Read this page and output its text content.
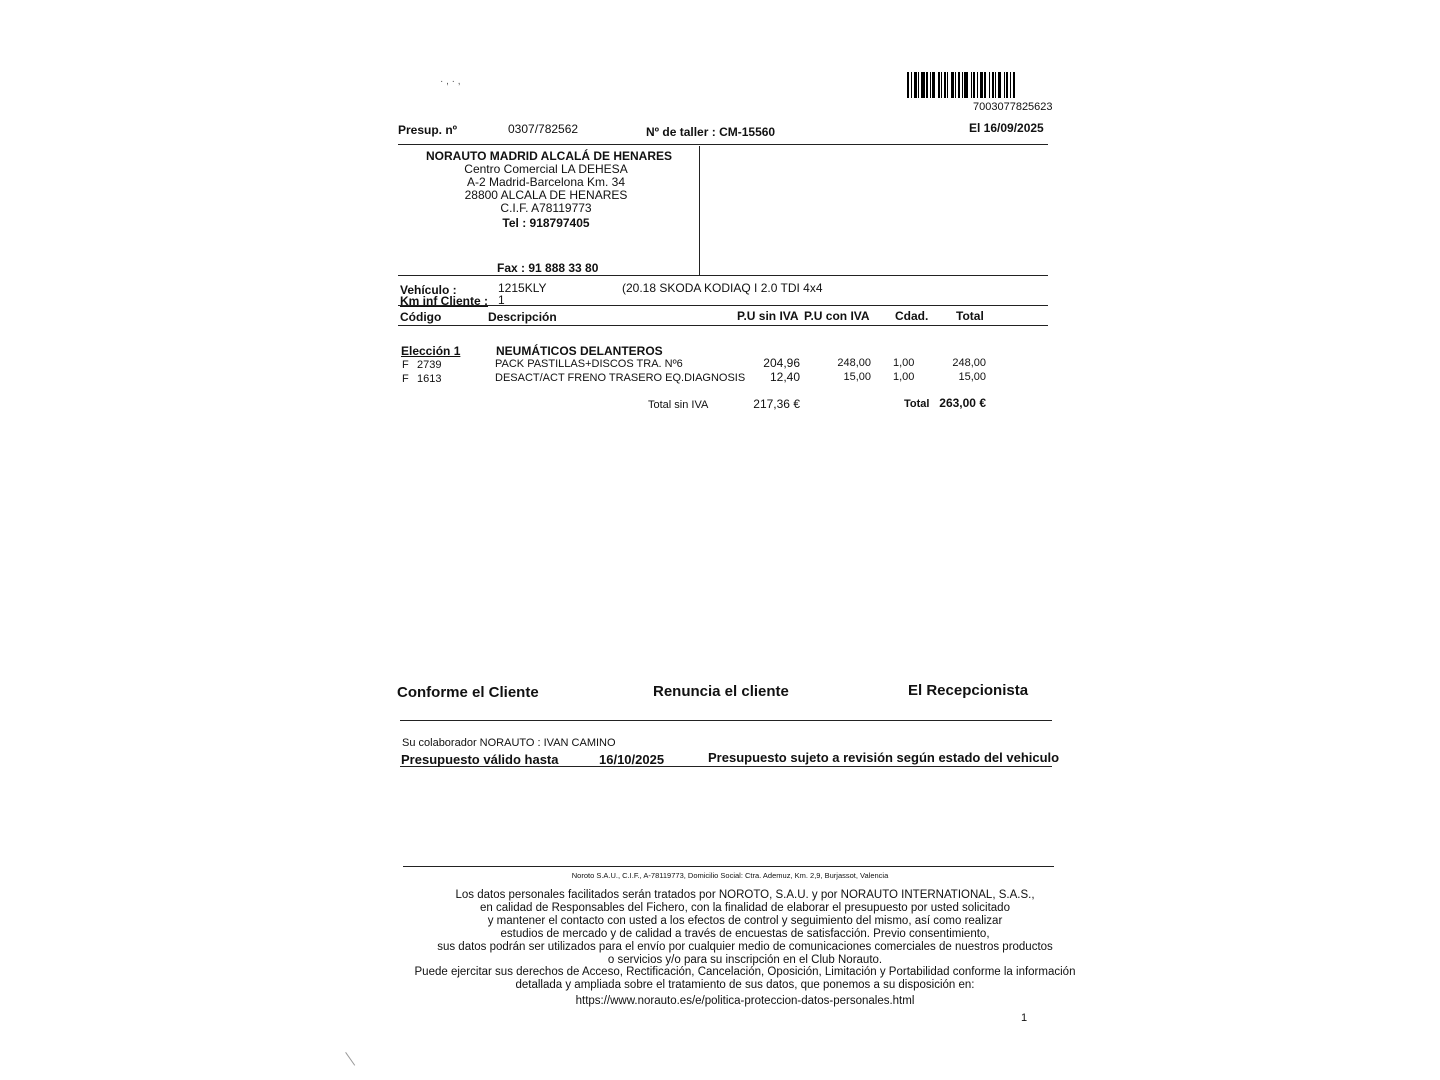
· , · ,
7003077825623
Presup. nº	0307/782562	Nº de taller : CM-15560	El 16/09/2025
NORAUTO MADRID ALCALÁ DE HENARES
Centro Comercial LA DEHESA
A-2 Madrid-Barcelona Km. 34
28800 ALCALA DE HENARES
C.I.F. A78119773
Tel : 918797405
Fax : 91 888 33 80
Vehículo :	1215KLY	(20.18 SKODA KODIAQ I 2.0 TDI 4x4
Km inf Cliente : 1
Código	Descripción	P.U sin IVA P.U con IVA Cdad. Total
Elección 1	NEUMÁTICOS DELANTEROS
F 2739	PACK PASTILLAS+DISCOS TRA. Nº6	204,96	248,00 1,00	248,00
F 1613	DESACT/ACT FRENO TRASERO EQ.DIAGNOSIS	12,40	15,00 1,00	15,00
Total sin IVA	217,36 €	Total 263,00 €
Conforme el Cliente	Renuncia el cliente	El Recepcionista
Su colaborador NORAUTO : IVAN CAMINO
Presupuesto válido hasta	16/10/2025	Presupuesto sujeto a revisión según estado del vehiculo
Noroto S.A.U., C.I.F., A-78119773, Domicilio Social: Ctra. Ademuz, Km. 2,9, Burjassot, Valencia
Los datos personales facilitados serán tratados por NOROTO, S.A.U. y por NORAUTO INTERNATIONAL, S.A.S.,
en calidad de Responsables del Fichero, con la finalidad de elaborar el presupuesto por usted solicitado
y mantener el contacto con usted a los efectos de control y seguimiento del mismo, así como realizar
estudios de mercado y de calidad a través de encuestas de satisfacción. Previo consentimiento,
sus datos podrán ser utilizados para el envío por cualquier medio de comunicaciones comerciales de nuestros productos
o servicios y/o para su inscripción en el Club Norauto.
Puede ejercitar sus derechos de Acceso, Rectificación, Cancelación, Oposición, Limitación y Portabilidad conforme la información
detallada y ampliada sobre el tratamiento de sus datos, que ponemos a su disposición en:
https://www.norauto.es/e/politica-proteccion-datos-personales.html
1
